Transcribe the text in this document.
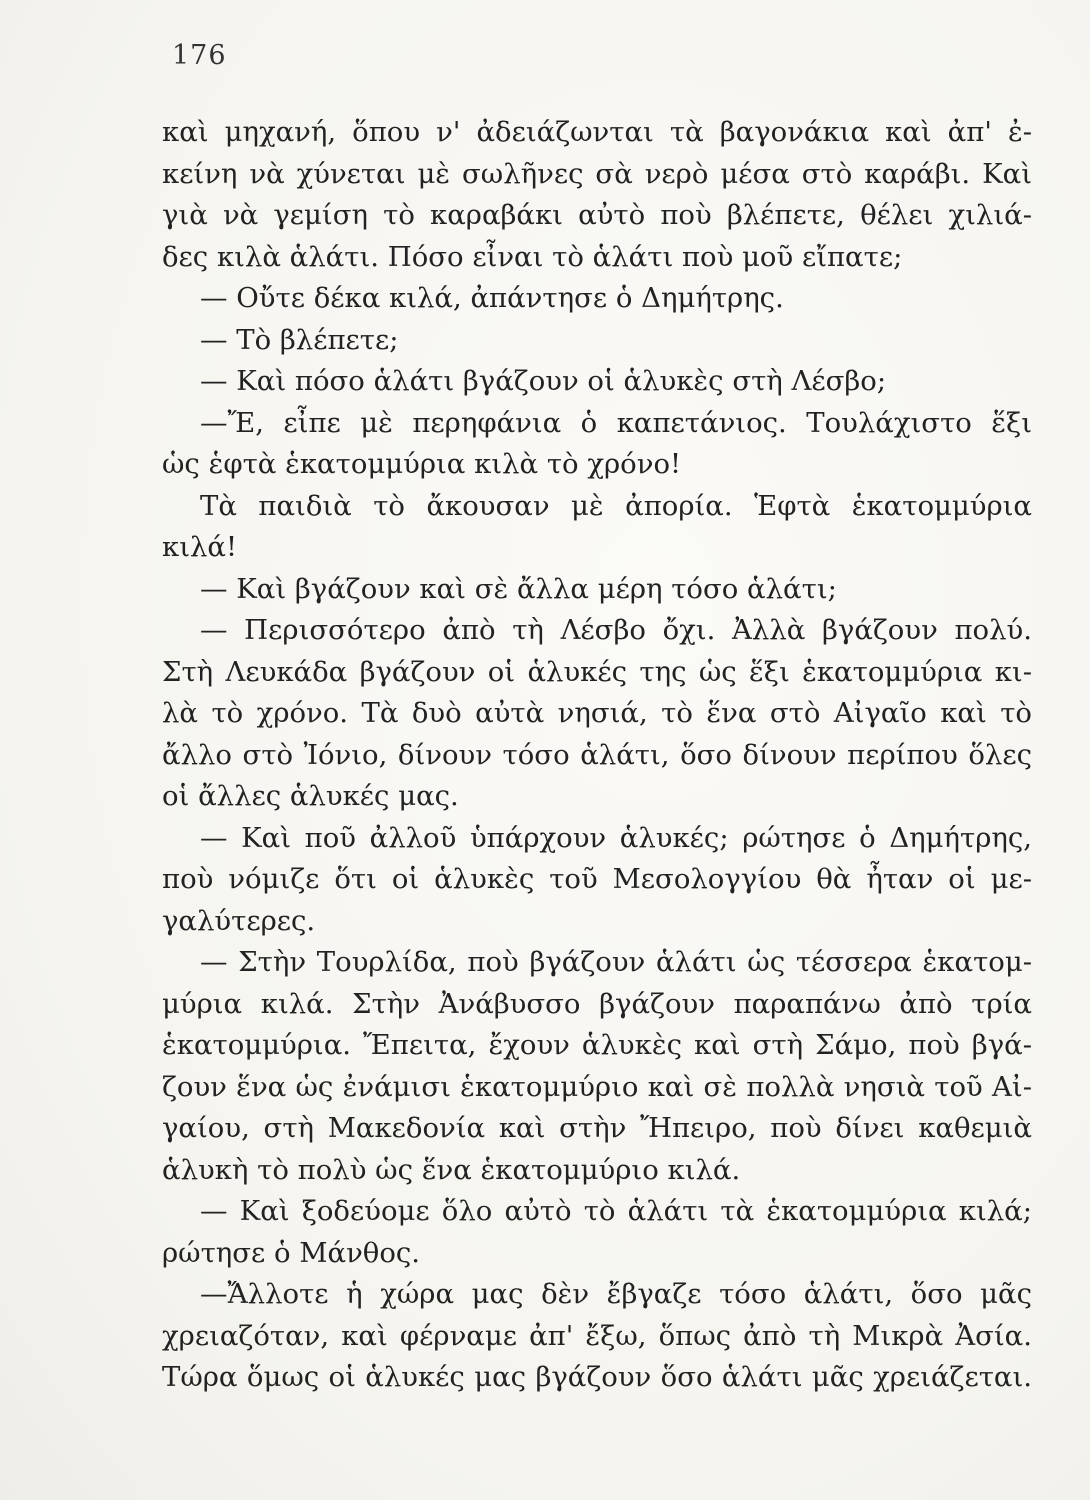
176
καὶ μηχανή, ὅπου ν' ἀδειάζωνται τὰ βαγονάκια καὶ ἀπ' ἐ-
κείνη νὰ χύνεται μὲ σωλῆνες σὰ νερὸ μέσα στὸ καράβι. Καὶ
γιὰ νὰ γεμίση τὸ καραβάκι αὐτὸ ποὺ βλέπετε, θέλει χιλιά-
δες κιλὰ ἁλάτι. Πόσο εἶναι τὸ ἁλάτι ποὺ μοῦ εἴπατε;
— Οὔτε δέκα κιλά, ἀπάντησε ὁ Δημήτρης.
— Τὸ βλέπετε;
— Καὶ πόσο ἁλάτι βγάζουν οἱ ἁλυκὲς στὴ Λέσβο;
—Ἔ, εἶπε μὲ περηφάνια ὁ καπετάνιος. Τουλάχιστο ἕξι
ὡς ἑφτὰ ἑκατομμύρια κιλὰ τὸ χρόνο!
Τὰ παιδιὰ τὸ ἄκουσαν μὲ ἀπορία. Ἑφτὰ ἑκατομμύρια
κιλά!
— Καὶ βγάζουν καὶ σὲ ἄλλα μέρη τόσο ἁλάτι;
— Περισσότερο ἀπὸ τὴ Λέσβο ὄχι. Ἀλλὰ βγάζουν πολύ.
Στὴ Λευκάδα βγάζουν οἱ ἁλυκές της ὡς ἕξι ἑκατομμύρια κι-
λὰ τὸ χρόνο. Τὰ δυὸ αὐτὰ νησιά, τὸ ἕνα στὸ Αἰγαῖο καὶ τὸ
ἄλλο στὸ Ἰόνιο, δίνουν τόσο ἁλάτι, ὅσο δίνουν περίπου ὅλες
οἱ ἄλλες ἁλυκές μας.
— Καὶ ποῦ ἀλλοῦ ὑπάρχουν ἁλυκές; ρώτησε ὁ Δημήτρης,
ποὺ νόμιζε ὅτι οἱ ἁλυκὲς τοῦ Μεσολογγίου θὰ ἦταν οἱ με-
γαλύτερες.
— Στὴν Τουρλίδα, ποὺ βγάζουν ἁλάτι ὡς τέσσερα ἑκατομ-
μύρια κιλά. Στὴν Ἀνάβυσσο βγάζουν παραπάνω ἀπὸ τρία
ἑκατομμύρια. Ἔπειτα, ἔχουν ἁλυκὲς καὶ στὴ Σάμο, ποὺ βγά-
ζουν ἕνα ὡς ἐνάμισι ἑκατομμύριο καὶ σὲ πολλὰ νησιὰ τοῦ Αἰ-
γαίου, στὴ Μακεδονία καὶ στὴν Ἤπειρο, ποὺ δίνει καθεμιὰ
ἁλυκὴ τὸ πολὺ ὡς ἕνα ἑκατομμύριο κιλά.
— Καὶ ξοδεύομε ὅλο αὐτὸ τὸ ἁλάτι τὰ ἑκατομμύρια κιλά;
ρώτησε ὁ Μάνθος.
—Ἄλλοτε ἡ χώρα μας δὲν ἔβγαζε τόσο ἁλάτι, ὅσο μᾶς
χρειαζόταν, καὶ φέρναμε ἀπ' ἔξω, ὅπως ἀπὸ τὴ Μικρὰ Ἀσία.
Τώρα ὅμως οἱ ἁλυκές μας βγάζουν ὅσο ἁλάτι μᾶς χρειάζεται.
